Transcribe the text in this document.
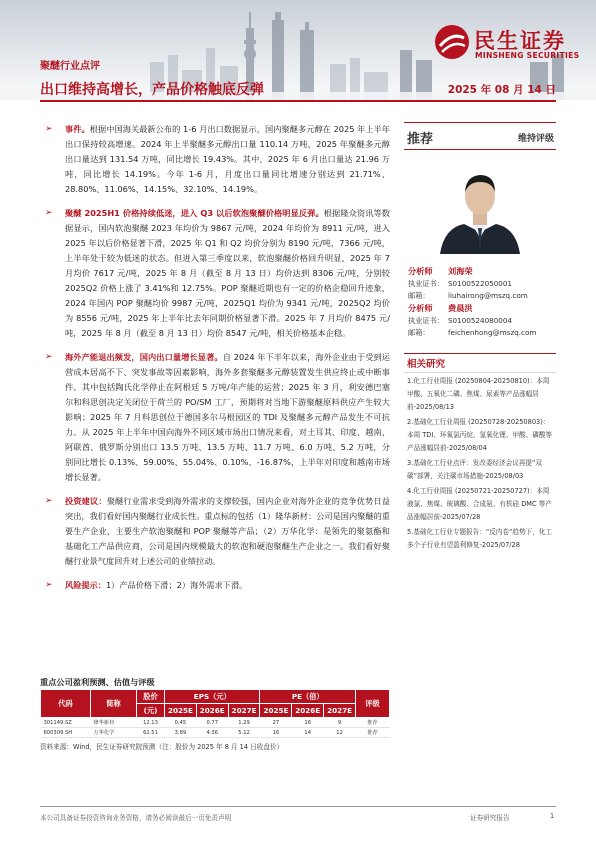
民生证券
MINSHENG SECURITIES
聚醚行业点评
出口维持高增长，产品价格触底反弹	2025 年 08 月 14 日
➢ 事件。根据中国海关最新公布的 1-6 月出口数据显示，国内聚醚多元醇在 2025 年上半年出口保持较高增速。2024 年上半聚醚多元醇出口量 110.14 万吨，2025 年聚醚多元醇出口量达到 131.54 万吨，同比增长 19.43%。其中，2025 年 6 月出口量达 21.96 万吨，同比增长 14.19%。今年 1-6 月，月度出口量同比增速分别达到 21.71%、28.80%、11.06%、14.15%、32.10%、14.19%。
➢ 聚醚 2025H1 价格持续低迷，进入 Q3 以后软泡聚醚价格明显反弹。根据隆众资讯等数据显示，国内软泡聚醚 2023 年均价为 9867 元/吨，2024 年均价为 8911 元/吨，进入 2025 年以后价格显著下滑，2025 年 Q1 和 Q2 均价分别为 8190 元/吨，7366 元/吨，上半年处于较为低迷的状态。但进入第三季度以来，软泡聚醚价格回升明显，2025 年 7 月均价 7617 元/吨，2025 年 8 月（截至 8 月 13 日）均价达到 8306 元/吨，分别较 2025Q2 价格上涨了 3.41%和 12.75%。POP 聚醚近期也有一定的价格企稳回升迹象，2024 年国内 POP 聚醚均价 9987 元/吨，2025Q1 均价为 9341 元/吨，2025Q2 均价为 8556 元/吨，2025 年上半年比去年同期价格显著下滑。2025 年 7 月均价 8475 元/吨，2025 年 8 月（截至 8 月 13 日）均价 8547 元/吨，相关价格基本企稳。
➢ 海外产能退出频发，国内出口量增长显著。自 2024 年下半年以来，海外企业由于受到运营成本居高不下、突发事故等因素影响，海外多套聚醚多元醇装置发生供应终止或中断事件。其中包括陶氏化学停止在阿根廷 5 万吨/年产能的运营；2025 年 3 月，利安德巴塞尔和科思创决定关闭位于荷兰的 PO/SM 工厂，预期将对当地下游聚醚原料供应产生较大影响；2025 年 7 月科思创位于德国多尔马根园区的 TDI 及聚醚多元醇产品发生不可抗力。从 2025 年上半年中国向海外不同区域市场出口情况来看，对土耳其、印度、越南、阿联酋、俄罗斯分别出口 13.5 万吨、13.5 万吨、11.7 万吨、6.0 万吨、5.2 万吨，分别同比增长 0.13%、59.00%、55.04%、0.10%、-16.87%，上半年对印度和越南市场增长显著。
➢ 投资建议：聚醚行业需求受到海外需求的支撑较强，国内企业对海外企业的竞争优势日益突出，我们看好国内聚醚行业成长性。重点标的包括（1）隆华新材：公司是国内聚醚的重要生产企业，主要生产软泡聚醚和 POP 聚醚等产品；（2）万华化学：是领先的聚氨酯和基础化工产品供应商，公司是国内规模最大的软泡和硬泡聚醚生产企业之一。我们看好聚醚行业景气度回升对上述公司的业绩拉动。
➢ 风险提示：1）产品价格下滑；2）海外需求下滑。
推荐	维持评级
分析师 刘海荣
执业证书： S0100522050001
邮箱：	liuhairong@mszq.com
分析师 费晨洪
执业证书： S0100524080004
邮箱：	feichenhong@mszq.com
相关研究
1.化工行业周报 (20250804-20250810)：本周甲酸、五氧化二磷、焦煤、尿素等产品涨幅居前-2025/08/13
2.基础化工行业周报 (20250728-20250803)：本周 TDI、环氧氯丙烷、氢氧化锂、甲酸、磷酸等产品涨幅居前-2025/08/04
3.基础化工行业点评：发改委经济会议再提“双碳”部署，关注碳市场措施-2025/08/03
4.化工行业周报 (20250721-20250727)：本周液氯、焦煤、玻璃酸、合成氨、有机硅 DMC 等产品涨幅居前-2025/07/28
5.基础化工行业专题报告：“反内卷”趋势下，化工多个子行业有望盈利修复-2025/07/28
重点公司盈利预测、估值与评级
代码	简称	股价	EPS（元）			PE（倍）			评级
		(元)	2025E	2026E	2027E	2025E	2026E	2027E	
301149.SZ	隆华新材	12.13	0.45	0.77	1.29	27	16	9	推荐
600309.SH	万华化学	62.51	3.89	4.36	5.12	16	14	12	推荐
资料来源：Wind，民生证券研究院预测（注：股价为 2025 年 8 月 14 日收盘价）
本公司具备证券投资咨询业务资格，请务必阅读最后一页免责声明	证券研究报告	1
